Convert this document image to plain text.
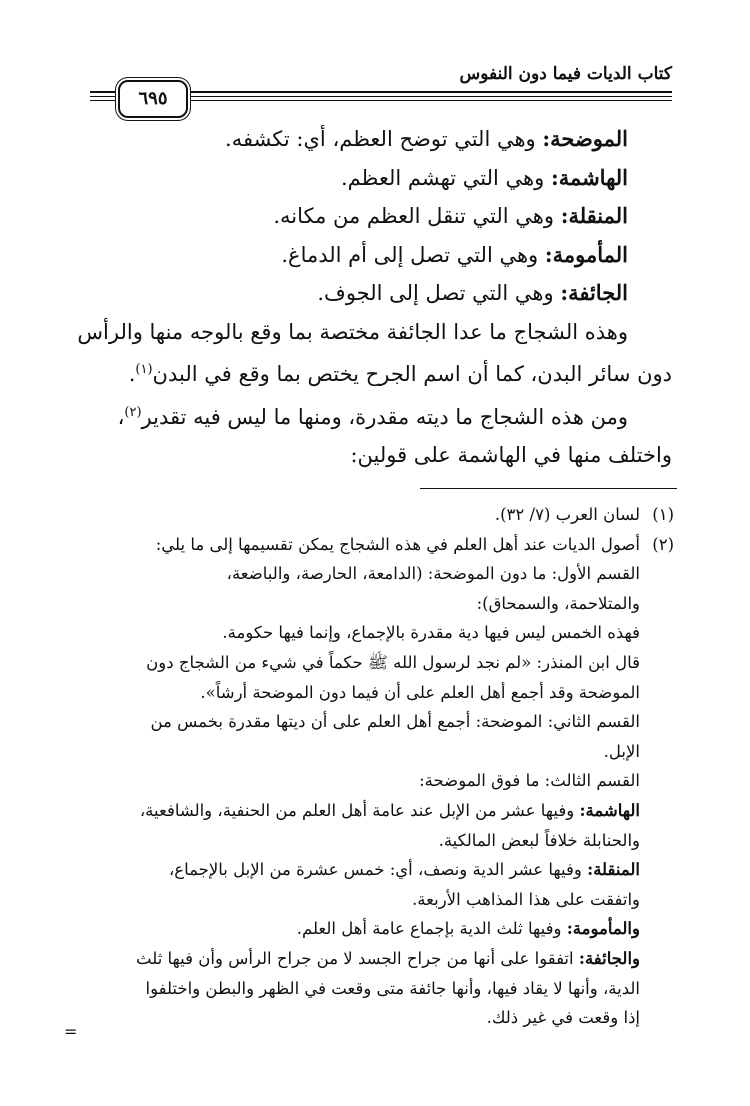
كتاب الديات فيما دون النفوس
٦٩٥
الموضحة: وهي التي توضح العظم، أي: تكشفه.
الهاشمة: وهي التي تهشم العظم.
المنقلة: وهي التي تنقل العظم من مكانه.
المأمومة: وهي التي تصل إلى أم الدماغ.
الجائفة: وهي التي تصل إلى الجوف.
وهذه الشجاج ما عدا الجائفة مختصة بما وقع بالوجه منها والرأس
دون سائر البدن، كما أن اسم الجرح يختص بما وقع في البدن$^{(١)}$.
ومن هذه الشجاج ما ديته مقدرة، ومنها ما ليس فيه تقدير$^{(٢)}$،
واختلف منها في الهاشمة على قولين:
(١)لسان العرب (٧/ ٣٢).
(٢)أصول الديات عند أهل العلم في هذه الشجاج يمكن تقسيمها إلى ما يلي:
القسم الأول: ما دون الموضحة: (الدامعة، الحارصة، والباضعة،
والمتلاحمة، والسمحاق):
فهذه الخمس ليس فيها دية مقدرة بالإجماع، وإنما فيها حكومة.
قال ابن المنذر: «لم نجد لرسول الله ﷺ حكماً في شيء من الشجاج دون
الموضحة وقد أجمع أهل العلم على أن فيما دون الموضحة أرشاً».
القسم الثاني: الموضحة: أجمع أهل العلم على أن ديتها مقدرة بخمس من
الإبل.
القسم الثالث: ما فوق الموضحة:
الهاشمة: وفيها عشر من الإبل عند عامة أهل العلم من الحنفية، والشافعية،
والحنابلة خلافاً لبعض المالكية.
المنقلة: وفيها عشر الدية ونصف، أي: خمس عشرة من الإبل بالإجماع،
واتفقت على هذا المذاهب الأربعة.
والمأمومة: وفيها ثلث الدية بإجماع عامة أهل العلم.
والجائفة: اتفقوا على أنها من جراح الجسد لا من جراح الرأس وأن فيها ثلث
الدية، وأنها لا يقاد فيها، وأنها جائفة متى وقعت في الظهر والبطن واختلفوا
إذا وقعت في غير ذلك.
=
